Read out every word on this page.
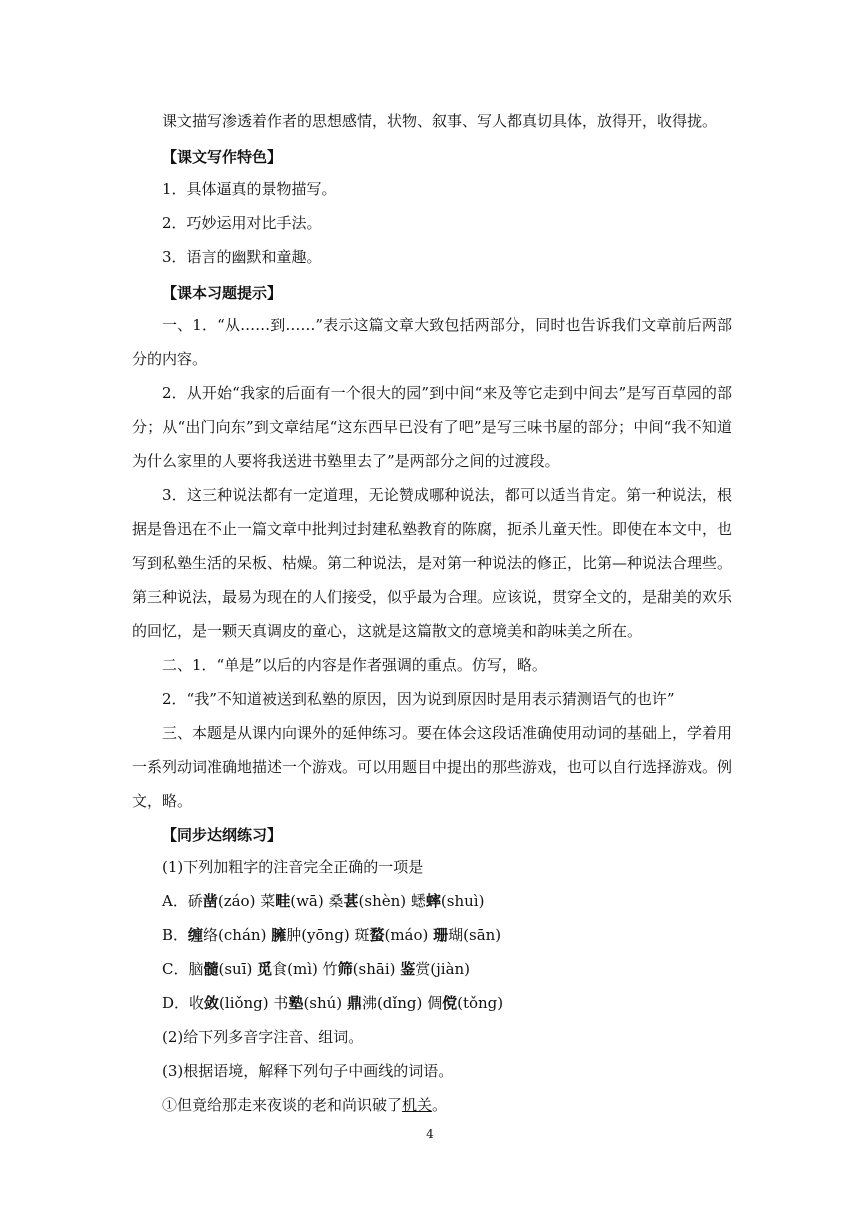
课文描写渗透着作者的思想感情，状物、叙事、写人都真切具体，放得开，收得拢。
【课文写作特色】
1．具体逼真的景物描写。
2．巧妙运用对比手法。
3．语言的幽默和童趣。
【课本习题提示】
一、1．“从……到……”表示这篇文章大致包括两部分，同时也告诉我们文章前后两部分的内容。
2．从开始“我家的后面有一个很大的园”到中间“来及等它走到中间去”是写百草园的部分；从“出门向东”到文章结尾“这东西早已没有了吧”是写三味书屋的部分；中间“我不知道为什么家里的人要将我送进书塾里去了”是两部分之间的过渡段。
3．这三种说法都有一定道理，无论赞成哪种说法，都可以适当肯定。第一种说法，根据是鲁迅在不止一篇文章中批判过封建私塾教育的陈腐，扼杀儿童天性。即使在本文中，也写到私塾生活的呆板、枯燥。第二种说法，是对第一种说法的修正，比第—种说法合理些。第三种说法，最易为现在的人们接受，似乎最为合理。应该说，贯穿全文的，是甜美的欢乐的回忆，是一颗天真调皮的童心，这就是这篇散文的意境美和韵味美之所在。
二、1．“单是”以后的内容是作者强调的重点。仿写，略。
2．“我”不知道被送到私塾的原因，因为说到原因时是用表示猜测语气的也许”
三、本题是从课内向课外的延伸练习。要在体会这段话准确使用动词的基础上，学着用一系列动词准确地描述一个游戏。可以用题目中提出的那些游戏，也可以自行选择游戏。例文，略。
【同步达纲练习】
(1)下列加粗字的注音完全正确的一项是
A．硚凿(záo) 菜畦(wā) 桑葚(shèn) 蟋蟀(shuì)
B．缠络(chán) 臃肿(yōng) 斑蝥(máo) 珊瑚(sān)
C．脑髓(suī) 觅食(mì) 竹筛(shāi) 鉴赏(jiàn)
D．收敛(liǒng) 书塾(shú) 鼎沸(dǐng) 倜傥(tǒng)
(2)给下列多音字注音、组词。
(3)根据语境，解释下列句子中画线的词语。
①但竟给那走来夜谈的老和尚识破了机关。
4
